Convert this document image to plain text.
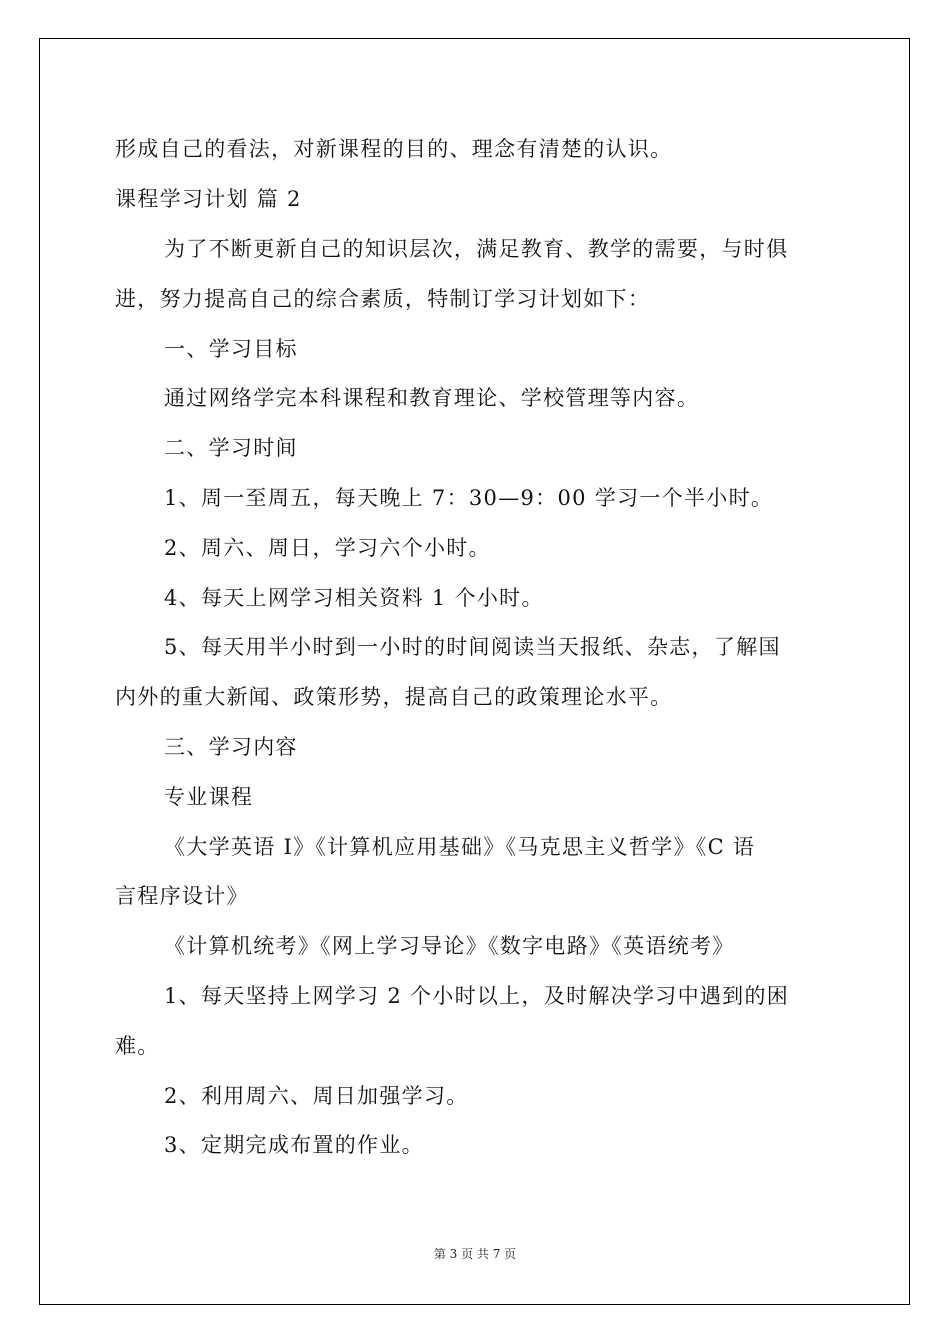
形成自己的看法，对新课程的目的、理念有清楚的认识。

课程学习计划 篇 2

为了不断更新自己的知识层次，满足教育、教学的需要，与时俱

进，努力提高自己的综合素质，特制订学习计划如下：

一、学习目标

通过网络学完本科课程和教育理论、学校管理等内容。

二、学习时间

1、周一至周五，每天晚上 7：30—9：00 学习一个半小时。

2、周六、周日，学习六个小时。

4、每天上网学习相关资料 1 个小时。

5、每天用半小时到一小时的时间阅读当天报纸、杂志，了解国

内外的重大新闻、政策形势，提高自己的政策理论水平。

三、学习内容

专业课程

《大学英语 I》《计算机应用基础》《马克思主义哲学》《C 语

言程序设计》

《计算机统考》《网上学习导论》《数字电路》《英语统考》

1、每天坚持上网学习 2 个小时以上，及时解决学习中遇到的困

难。

2、利用周六、周日加强学习。

3、定期完成布置的作业。

第 3 页 共 7 页
